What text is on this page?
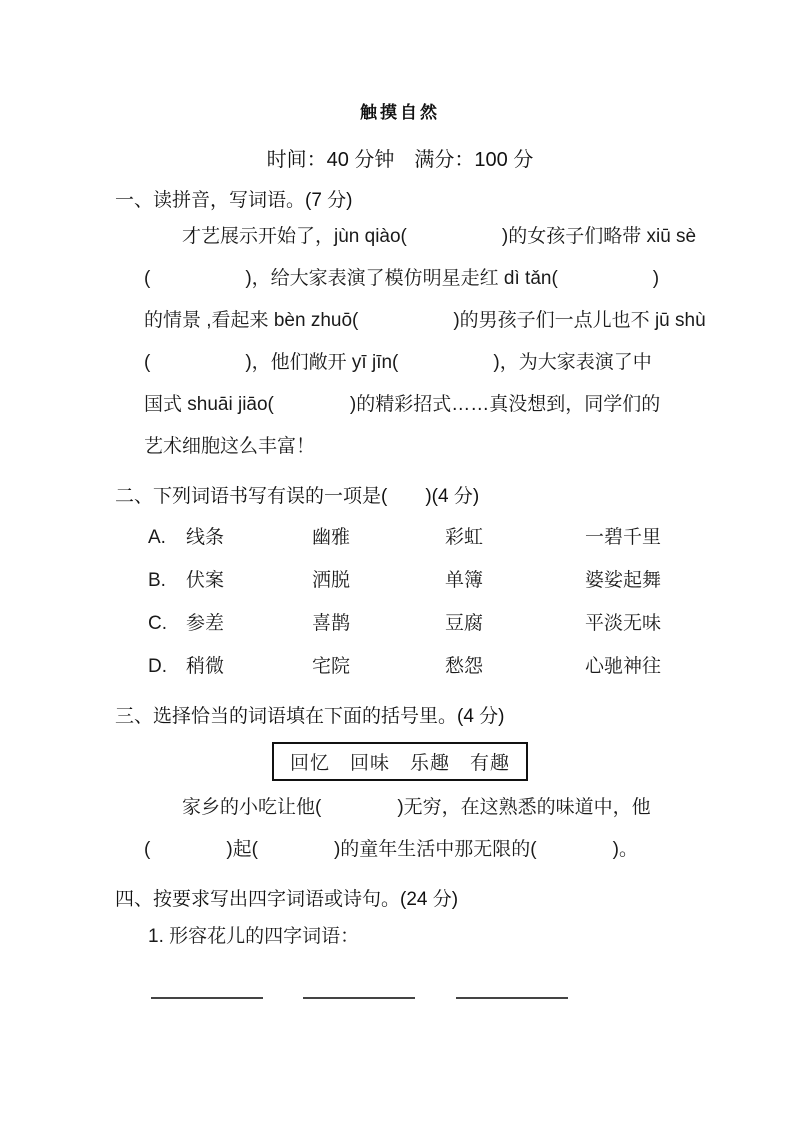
触摸自然
时间：40 分钟　满分：100 分
一、读拼音，写词语。(7 分)
才艺展示开始了，jùn qiào(　　　　　)的女孩子们略带 xiū sè
(　　　　　)，给大家表演了模仿明星走红 dì tǎn(　　　　　)
的情景 ,看起来 bèn zhuō(　　　　　)的男孩子们一点儿也不 jū shù
(　　　　　)，他们敞开 yī jīn(　　　　　)，为大家表演了中
国式 shuāi jiāo(　　　　)的精彩招式……真没想到，同学们的
艺术细胞这么丰富！
二、下列词语书写有误的一项是(　　)(4 分)
A.	线条	幽雅	彩虹	一碧千里
B.	伏案	洒脱	单簿	婆娑起舞
C.	参差	喜鹊	豆腐	平淡无味
D.	稍微	宅院	愁怨	心驰神往
三、选择恰当的词语填在下面的括号里。(4 分)
回忆　回味　乐趣　有趣
家乡的小吃让他(　　　　)无穷，在这熟悉的味道中，他
(　　　　)起(　　　　)的童年生活中那无限的(　　　　)。
四、按要求写出四字词语或诗句。(24 分)
1. 形容花儿的四字词语：
